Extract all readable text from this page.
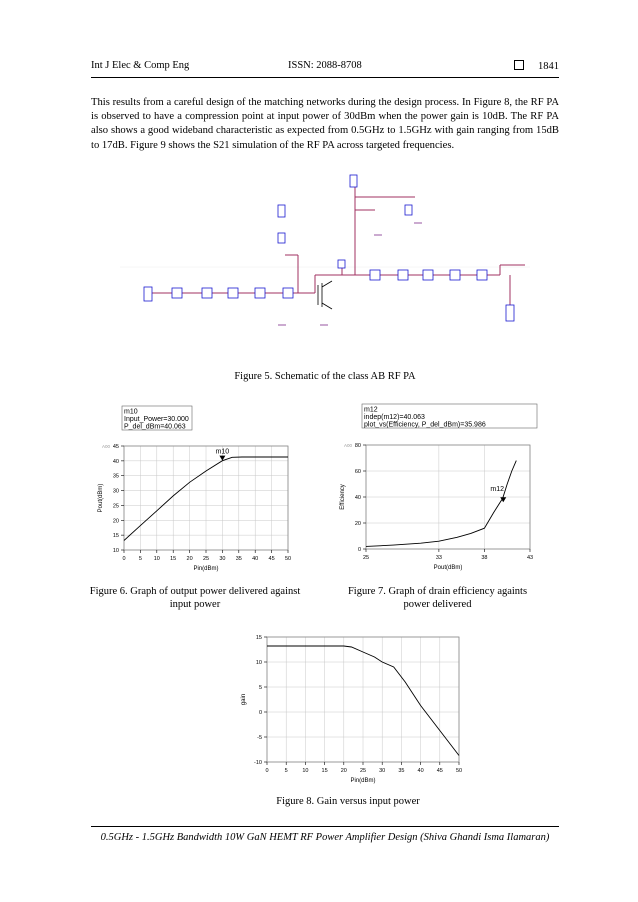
Int J Elec & Comp Eng	ISSN: 2088-8708	1841

This results from a careful design of the matching networks during the design process. In Figure 8, the RF PA is observed to have a compression point at input power of 30dBm when the power gain is 10dB. The RF PA also shows a good wideband characteristic as expected from 0.5GHz to 1.5GHz with gain ranging from 15dB to 17dB. Figure 9 shows the S21 simulation of the RF PA across targeted frequencies.

Figure 5. Schematic of the class AB RF PA
0 5 10 15 20 25 30 35 40 45 50
10
15
20
25
30
35
40
45
Pin(dBm)
Pout(dBm)
A00
m10
m10
Input_Power=30.000
P_del_dBm=40.063
Figure 6. Graph of output power delivered against input power
25	33	38	43
0
20
40
60
80
Pout(dBm)
Efficiency
A00
m12
m12
indep(m12)=40.063
plot_vs(Efficiency, P_del_dBm)=35.986
Figure 7. Graph of drain efficiency againts power delivered
0	5	10 15 20 25 30 35 40 45 50
-10
-5
0
5
10
15
Pin(dBm)
gain
Figure 8. Gain versus input power
0.5GHz - 1.5GHz Bandwidth 10W GaN HEMT RF Power Amplifier Design (Shiva Ghandi Isma Ilamaran)
